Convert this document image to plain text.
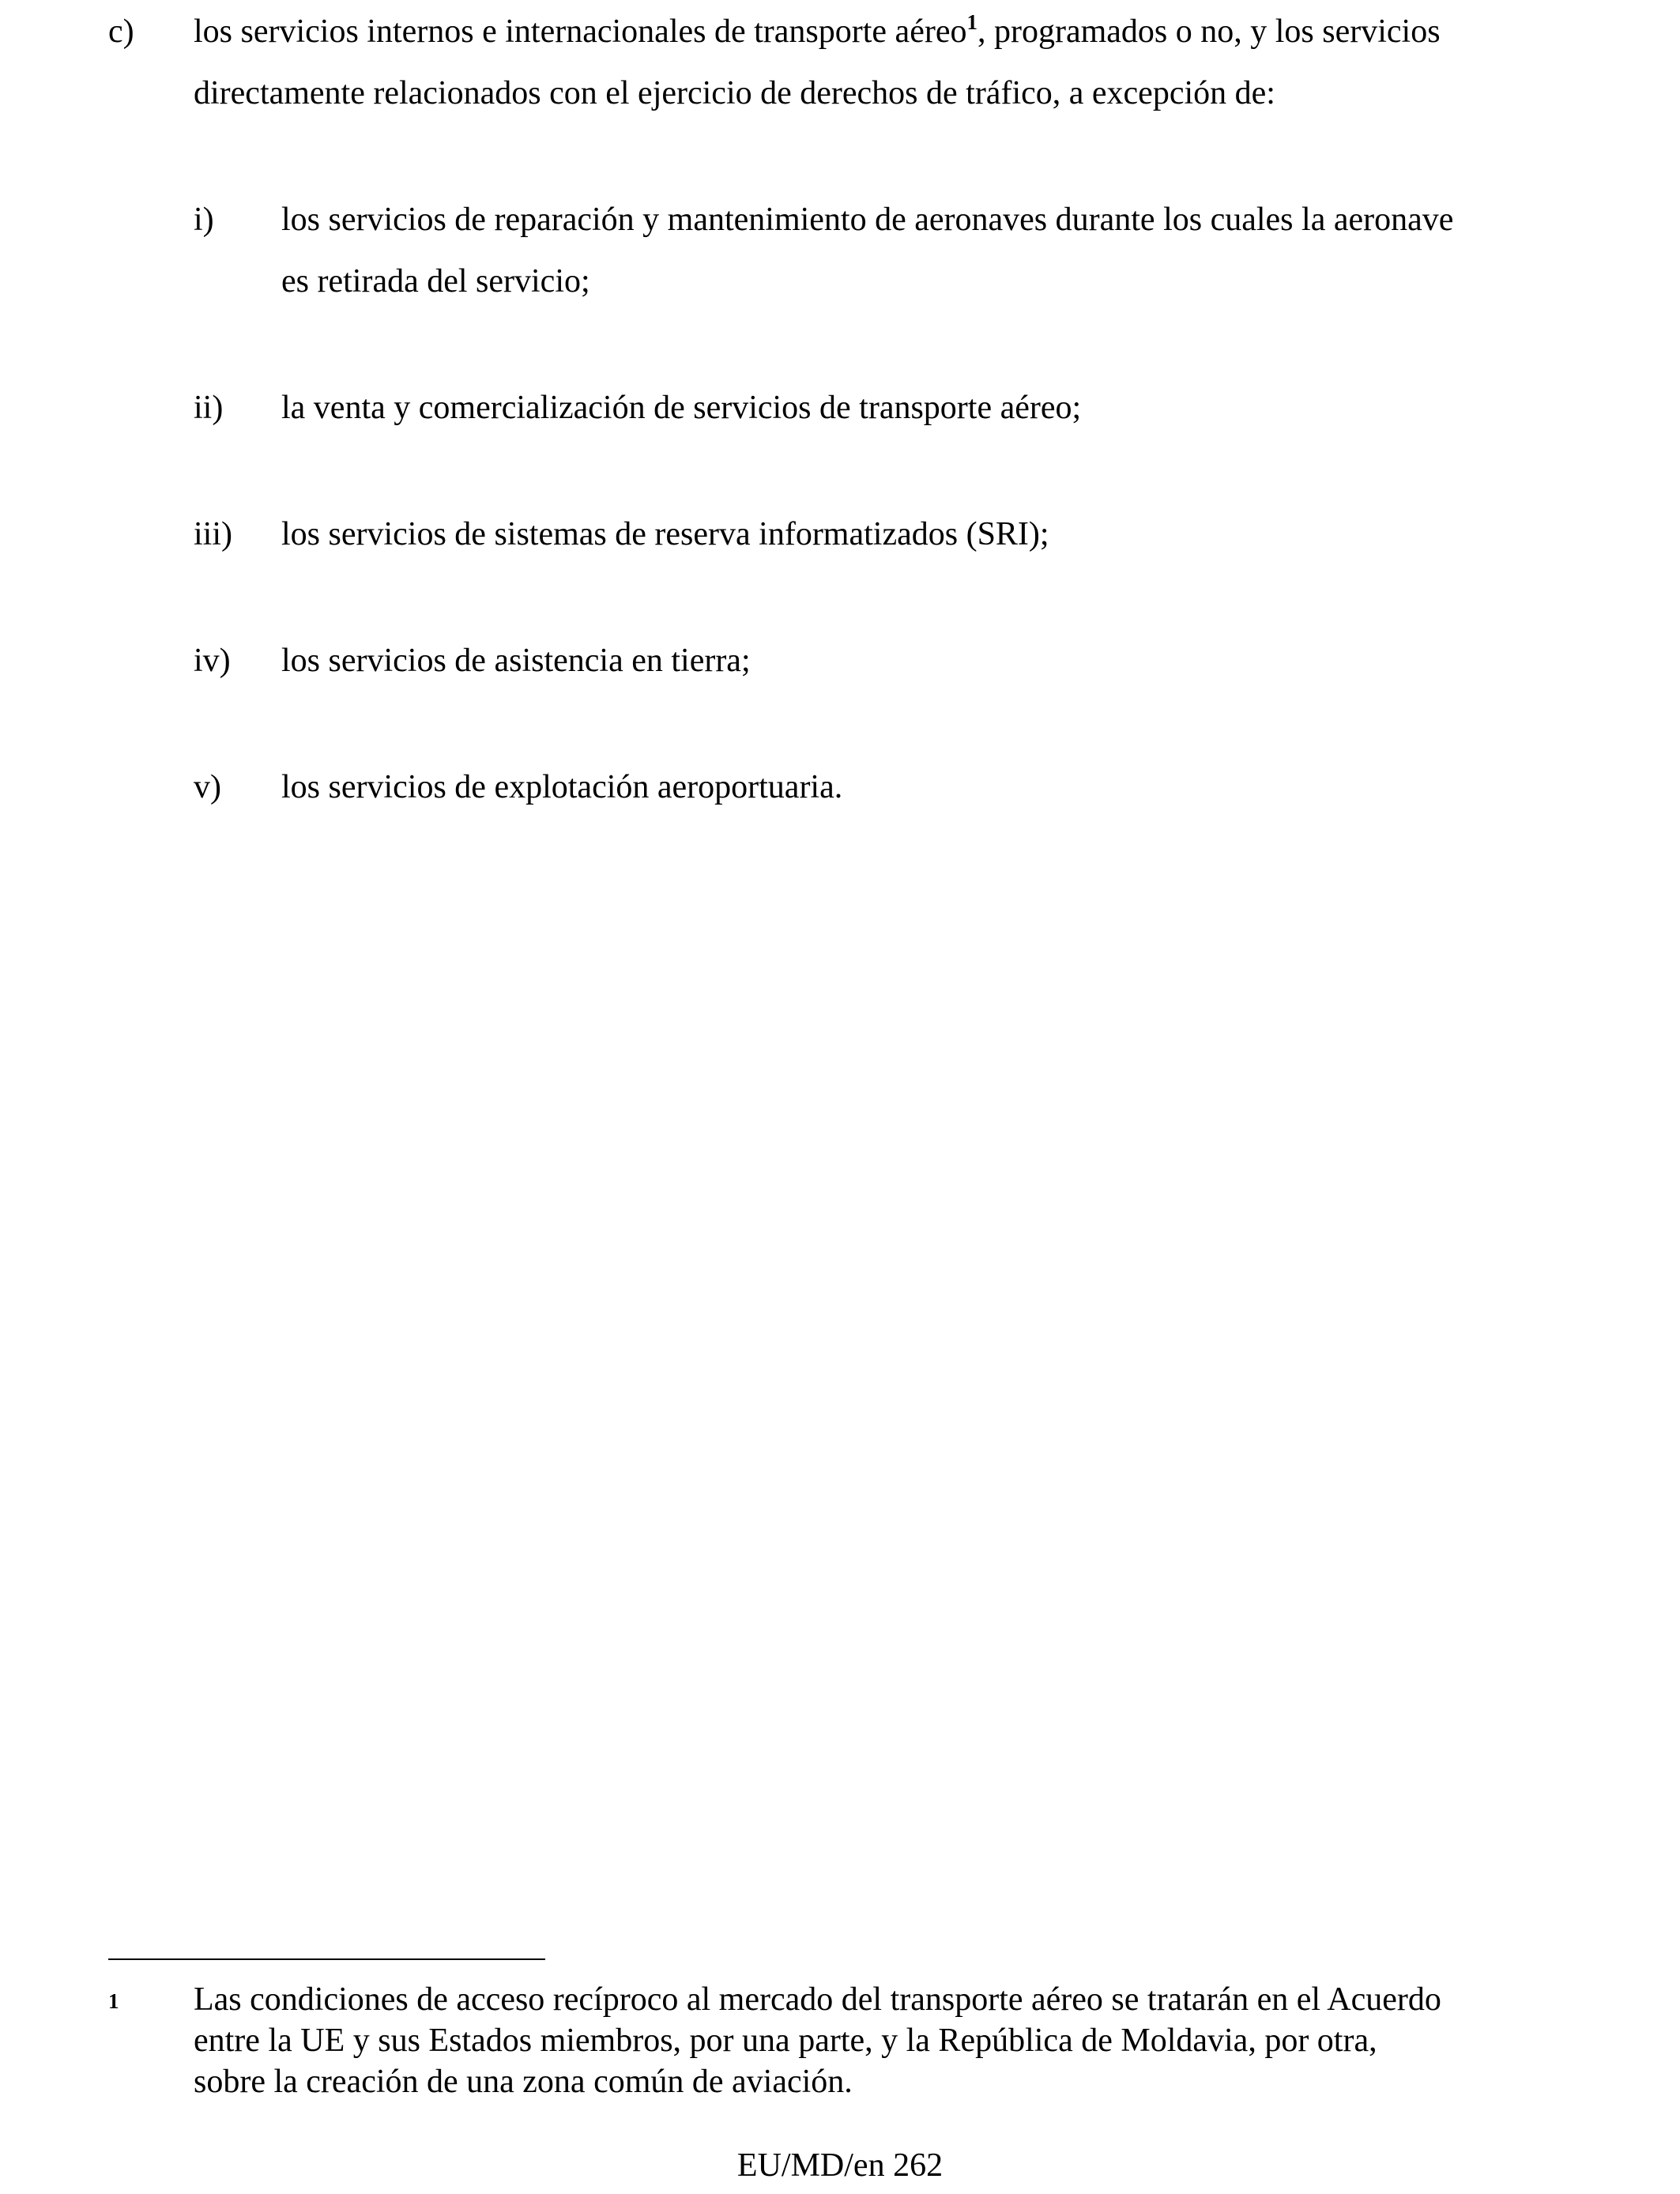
c) los servicios internos e internacionales de transporte aéreo$^1$, programados o no, y los servicios

directamente relacionados con el ejercicio de derechos de tráfico, a excepción de:

i) los servicios de reparación y mantenimiento de aeronaves durante los cuales la aeronave

es retirada del servicio;

ii) la venta y comercialización de servicios de transporte aéreo;

iii) los servicios de sistemas de reserva informatizados (SRI);

iv) los servicios de asistencia en tierra;

v) los servicios de explotación aeroportuaria.

1 Las condiciones de acceso recíproco al mercado del transporte aéreo se tratarán en el Acuerdo

entre la UE y sus Estados miembros, por una parte, y la República de Moldavia, por otra,

sobre la creación de una zona común de aviación.

EU/MD/en 262
